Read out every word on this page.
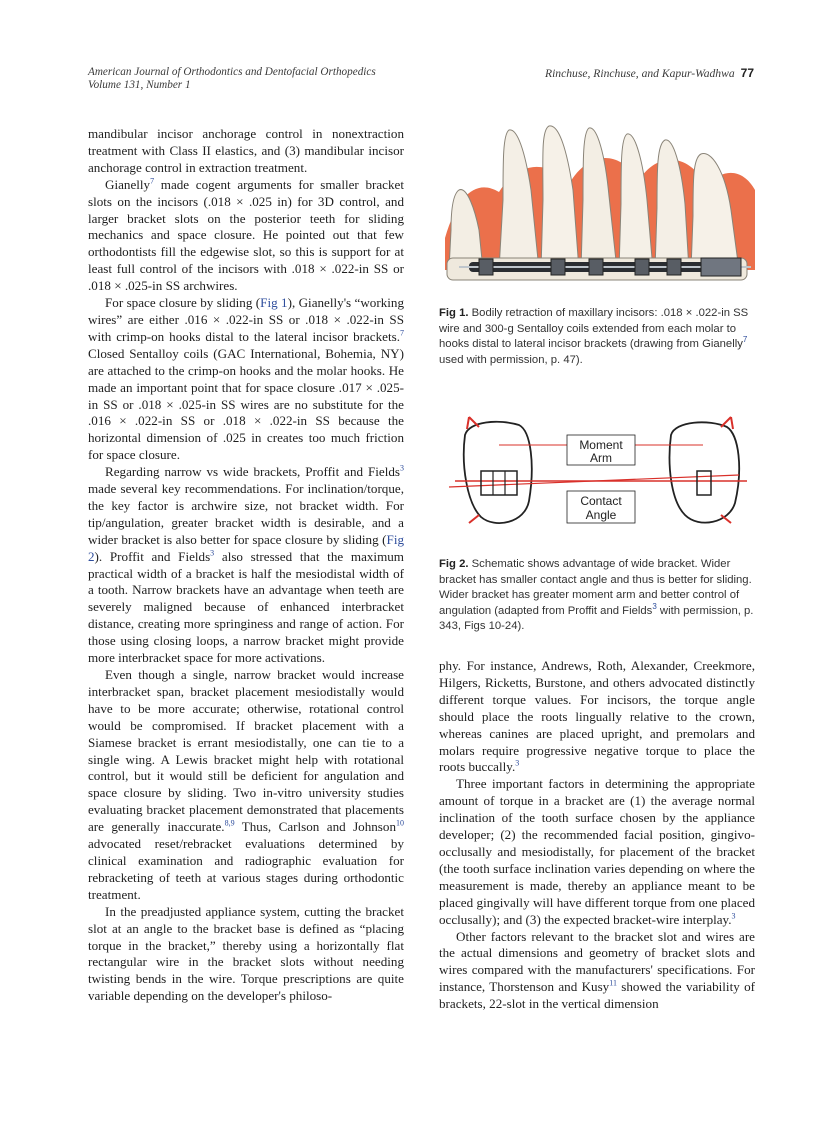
American Journal of Orthodontics and Dentofacial Orthopedics
Volume 131, Number 1
Rinchuse, Rinchuse, and Kapur-Wadhwa 77

mandibular incisor anchorage control in nonextraction treatment with Class II elastics, and (3) mandibular incisor anchorage control in extraction treatment.

Gianelly$^7$ made cogent arguments for smaller bracket slots on the incisors (.018 × .025 in) for 3D control, and larger bracket slots on the posterior teeth for sliding mechanics and space closure. He pointed out that few orthodontists fill the edgewise slot, so this is support for at least full control of the incisors with .018 × .022-in SS or .018 × .025-in SS archwires.

For space closure by sliding (Fig 1), Gianelly's “working wires” are either .016 × .022-in SS or .018 × .022-in SS with crimp-on hooks distal to the lateral incisor brackets.$^7$ Closed Sentalloy coils (GAC International, Bohemia, NY) are attached to the crimp-on hooks and the molar hooks. He made an important point that for space closure .017 × .025-in SS or .018 × .025-in SS wires are no substitute for the .016 × .022-in SS or .018 × .022-in SS because the horizontal dimension of .025 in creates too much friction for space closure.

Regarding narrow vs wide brackets, Proffit and Fields$^3$ made several key recommendations. For inclination/torque, the key factor is archwire size, not bracket width. For tip/angulation, greater bracket width is desirable, and a wider bracket is also better for space closure by sliding (Fig 2). Proffit and Fields$^3$ also stressed that the maximum practical width of a bracket is half the mesiodistal width of a tooth. Narrow brackets have an advantage when teeth are severely maligned because of enhanced interbracket distance, creating more springiness and range of action. For those using closing loops, a narrow bracket might provide more interbracket space for more activations.

Even though a single, narrow bracket would increase interbracket span, bracket placement mesiodistally would have to be more accurate; otherwise, rotational control would be compromised. If bracket placement with a Siamese bracket is errant mesiodistally, one can tie to a single wing. A Lewis bracket might help with rotational control, but it would still be deficient for angulation and space closure by sliding. Two in-vitro university studies evaluating bracket placement demonstrated that placements are generally inaccurate.$^{8,9}$ Thus, Carlson and Johnson$^{10}$ advocated reset/rebracket evaluations determined by clinical examination and radiographic evaluation for rebracketing of teeth at various stages during orthodontic treatment.

In the preadjusted appliance system, cutting the bracket slot at an angle to the bracket base is defined as “placing torque in the bracket,” thereby using a horizontally flat rectangular wire in the bracket slots without needing twisting bends in the wire. Torque prescriptions are quite variable depending on the developer's philoso-

Fig 1. Bodily retraction of maxillary incisors: .018 × .022-in SS wire and 300-g Sentalloy coils extended from each molar to hooks distal to lateral incisor brackets (drawing from Gianelly$^7$ used with permission, p. 47).
Moment
Arm
Contact
Angle
Fig 2. Schematic shows advantage of wide bracket. Wider bracket has smaller contact angle and thus is better for sliding. Wider bracket has greater moment arm and better control of angulation (adapted from Proffit and Fields$^3$ with permission, p. 343, Figs 10-24).

phy. For instance, Andrews, Roth, Alexander, Creekmore, Hilgers, Ricketts, Burstone, and others advocated distinctly different torque values. For incisors, the torque angle should place the roots lingually relative to the crown, whereas canines are placed upright, and premolars and molars require progressive negative torque to place the roots buccally.$^3$

Three important factors in determining the appropriate amount of torque in a bracket are (1) the average normal inclination of the tooth surface chosen by the appliance developer; (2) the recommended facial position, gingivo-occlusally and mesiodistally, for placement of the bracket (the tooth surface inclination varies depending on where the measurement is made, thereby an appliance meant to be placed gingivally will have different torque from one placed occlusally); and (3) the expected bracket-wire interplay.$^3$

Other factors relevant to the bracket slot and wires are the actual dimensions and geometry of bracket slots and wires compared with the manufacturers' specifications. For instance, Thorstenson and Kusy$^{11}$ showed the variability of brackets, 22-slot in the vertical dimension
